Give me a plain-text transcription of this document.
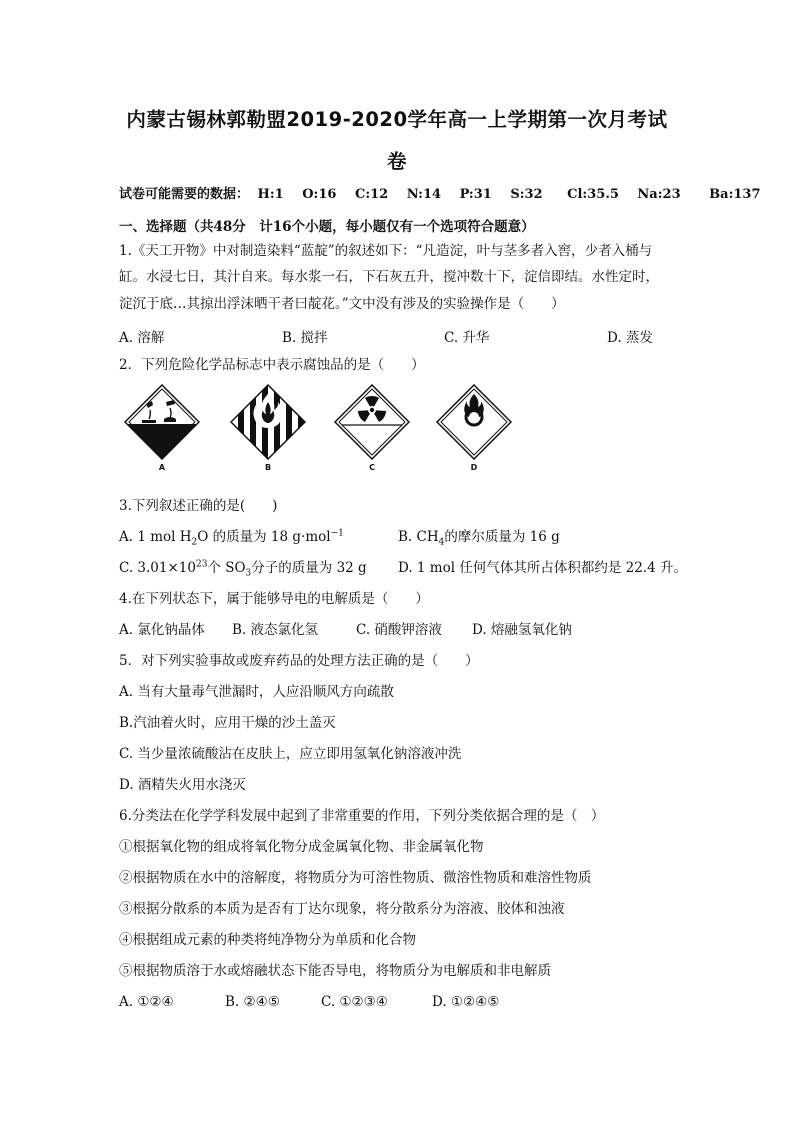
内蒙古锡林郭勒盟2019-2020学年高一上学期第一次月考试
卷
试卷可能需要的数据： H:1 O:16 C:12 N:14 P:31 S:32 Cl:35.5 Na:23 Ba:137
一、选择题（共48分　计16个小题，每小题仅有一个选项符合题意）
1.《天工开物》中对制造染料“蓝靛”的叙述如下：“凡造淀，叶与茎多者入窖，少者入桶与
缸。水浸七日，其汁自来。每水浆一石，下石灰五升，搅冲数十下，淀信即结。水性定时，
淀沉于底…其掠出浮沫晒干者曰靛花。”文中没有涉及的实验操作是（　　）
A. 溶解	B. 搅拌	C. 升华	D. 蒸发
2．下列危险化学品标志中表示腐蚀品的是（　　）
A	B	C	D
3.下列叙述正确的是(　　)
A. 1 mol $H_2O$ 的质量为 18 g·mol$^{-1}$	B. $CH_4$的摩尔质量为 16 g
C. $3.01\times 10^{23}$个 $SO_3$分子的质量为 32 g D. 1 mol 任何气体其所占体积都约是 22.4 升。
4.在下列状态下，属于能够导电的电解质是（　　）
A. 氯化钠晶体 B. 液态氯化氢	C. 硝酸钾溶液 D. 熔融氢氧化钠
5．对下列实验事故或废弃药品的处理方法正确的是（　　）
A. 当有大量毒气泄漏时，人应沿顺风方向疏散
B.汽油着火时，应用干燥的沙土盖灭
C. 当少量浓硫酸沾在皮肤上，应立即用氢氧化钠溶液冲洗
D. 酒精失火用水浇灭
6.分类法在化学学科发展中起到了非常重要的作用，下列分类依据合理的是（　）
①根据氧化物的组成将氧化物分成金属氧化物、非金属氧化物
②根据物质在水中的溶解度，将物质分为可溶性物质、微溶性物质和难溶性物质
③根据分散系的本质为是否有丁达尔现象，将分散系分为溶液、胶体和浊液
④根据组成元素的种类将纯净物分为单质和化合物
⑤根据物质溶于水或熔融状态下能否导电，将物质分为电解质和非电解质
A. ①②④	B. ②④⑤	C. ①②③④	D. ①②④⑤
